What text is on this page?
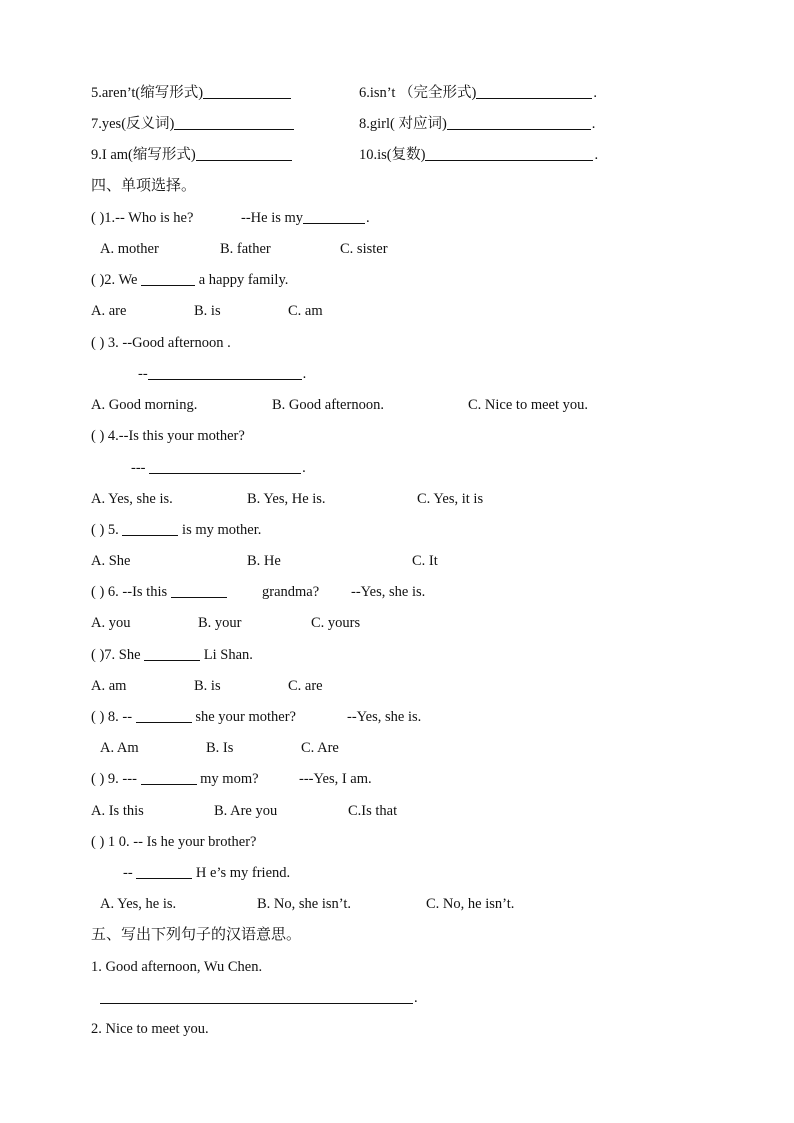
5.aren’t(缩写形式)	6.isn’t （完全形式)	.
7.yes(反义词)	8.girl( 对应词)	.
9.I am(缩写形式)	10.is(复数)	.
四、单项选择。
( )1.-- Who is he?	--He is my	.
A. mother	B. father	C. sister
( )2. We	a happy family.
A. are	B. is	C. am
( ) 3. --Good afternoon .
--	.
A. Good morning.	B. Good afternoon.	C. Nice to meet you.
( ) 4.--Is this your mother?
---	.
A. Yes, she is.	B. Yes, He is.	C. Yes, it is
( ) 5.	is my mother.
A. She	B. He	C. It
( ) 6. --Is this	grandma? --Yes, she is.
A. you	B. your	C. yours
( )7. She	Li Shan.
A. am	B. is	C. are
( ) 8. --	she your mother?	--Yes, she is.
A. Am	B. Is	C. Are
( ) 9. ---	my mom?	---Yes, I am.
A. Is this	B. Are you	C.Is that
( ) 1 0. -- Is he your brother?
--	H e’s my friend.
A. Yes, he is.	B. No, she isn’t.	C. No, he isn’t.
五、写出下列句子的汉语意思。
1. Good afternoon, Wu Chen.
.
2. Nice to meet you.
